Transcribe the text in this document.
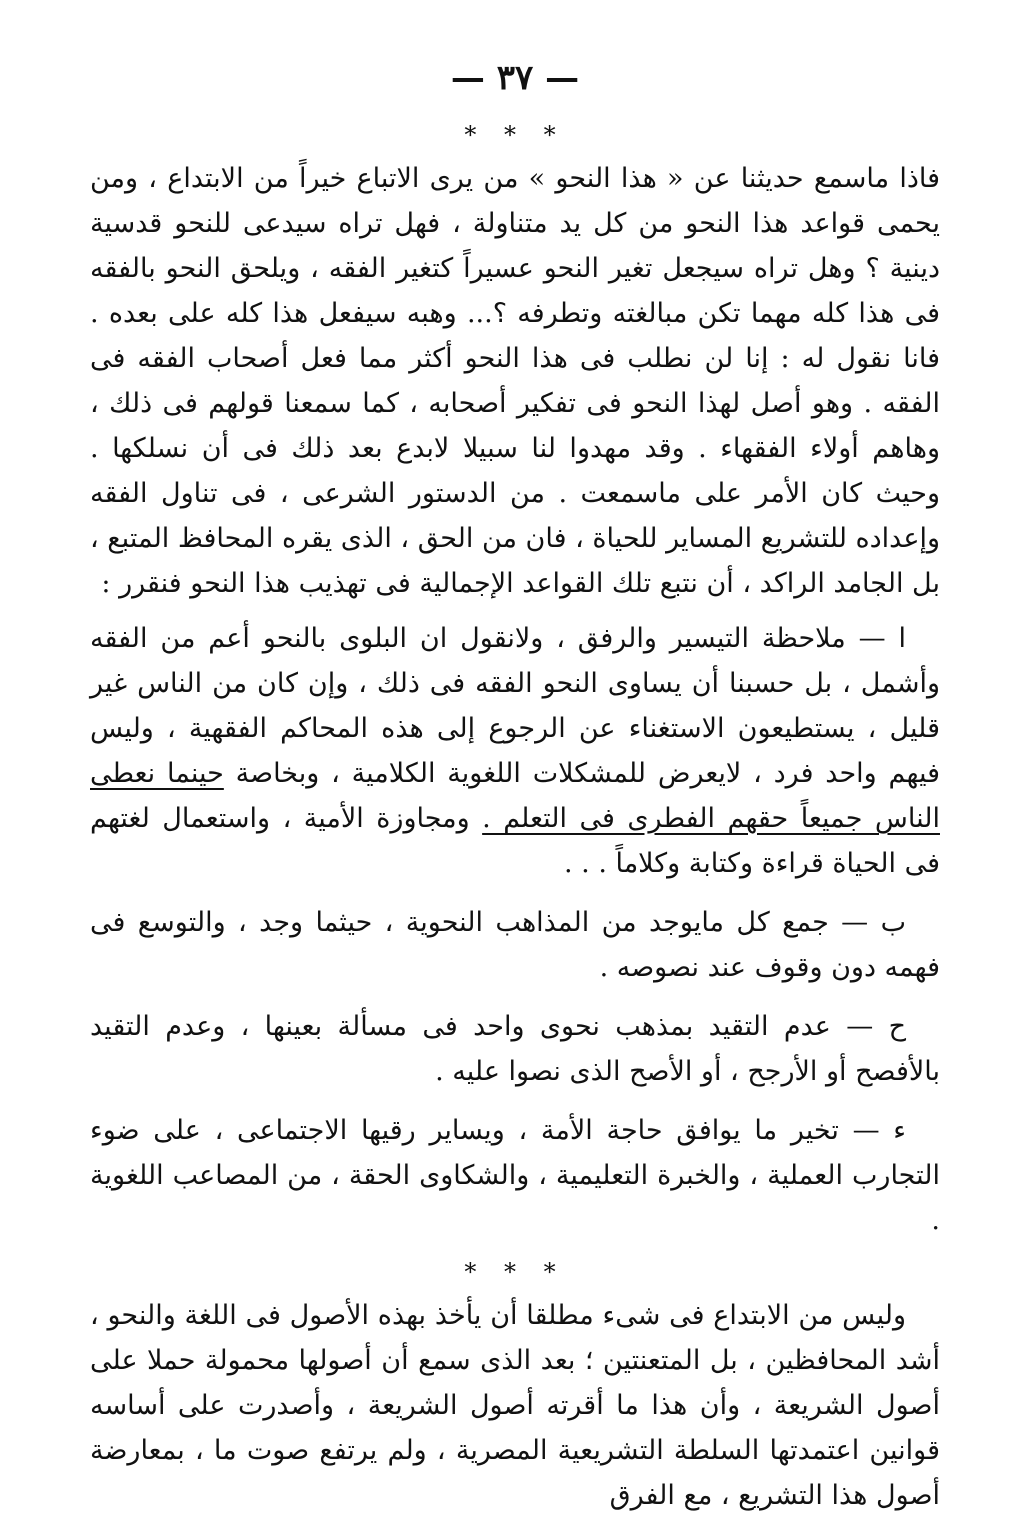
— ٣٧ —
* * *

فاذا ماسمع حديثنا عن « هذا النحو » من يرى الاتباع خيراً من الابتداع ، ومن يحمى قواعد هذا النحو من كل يد متناولة ، فهل تراه سيدعى للنحو قدسية دينية ؟ وهل تراه سيجعل تغير النحو عسيراً كتغير الفقه ، ويلحق النحو بالفقه فى هذا كله مهما تكن مبالغته وتطرفه ؟... وهبه سيفعل هذا كله على بعده . فانا نقول له : إنا لن نطلب فى هذا النحو أكثر مما فعل أصحاب الفقه فى الفقه . وهو أصل لهذا النحو فى تفكير أصحابه ، كما سمعنا قولهم فى ذلك ، وهاهم أولاء الفقهاء . وقد مهدوا لنا سبيلا لابدع بعد ذلك فى أن نسلكها . وحيث كان الأمر على ماسمعت . من الدستور الشرعى ، فى تناول الفقه وإعداده للتشريع المساير للحياة ، فان من الحق ، الذى يقره المحافظ المتبع ، بل الجامد الراكد ، أن نتبع تلك القواعد الإجمالية فى تهذيب هذا النحو فنقرر :

ا — ملاحظة التيسير والرفق ، ولانقول ان البلوى بالنحو أعم من الفقه وأشمل ، بل حسبنا أن يساوى النحو الفقه فى ذلك ، وإن كان من الناس غير قليل ، يستطيعون الاستغناء عن الرجوع إلى هذه المحاكم الفقهية ، وليس فيهم واحد فرد ، لايعرض للمشكلات اللغوية الكلامية ، وبخاصة حينما نعطى الناس جميعاً حقهم الفطرى فى التعلم . ومجاوزة الأمية ، واستعمال لغتهم فى الحياة قراءة وكتابة وكلاماً . . .

ب — جمع كل مايوجد من المذاهب النحوية ، حيثما وجد ، والتوسع فى فهمه دون وقوف عند نصوصه .

ح — عدم التقيد بمذهب نحوى واحد فى مسألة بعينها ، وعدم التقيد بالأفصح أو الأرجح ، أو الأصح الذى نصوا عليه .

ء — تخير ما يوافق حاجة الأمة ، ويساير رقيها الاجتماعى ، على ضوء التجارب العملية ، والخبرة التعليمية ، والشكاوى الحقة ، من المصاعب اللغوية .

* * *

وليس من الابتداع فى شىء مطلقا أن يأخذ بهذه الأصول فى اللغة والنحو ، أشد المحافظين ، بل المتعنتين ؛ بعد الذى سمع أن أصولها محمولة حملا على أصول الشريعة ، وأن هذا ما أقرته أصول الشريعة ، وأصدرت على أساسه قوانين اعتمدتها السلطة التشريعية المصرية ، ولم يرتفع صوت ما ، بمعارضة أصول هذا التشريع ، مع الفرق
